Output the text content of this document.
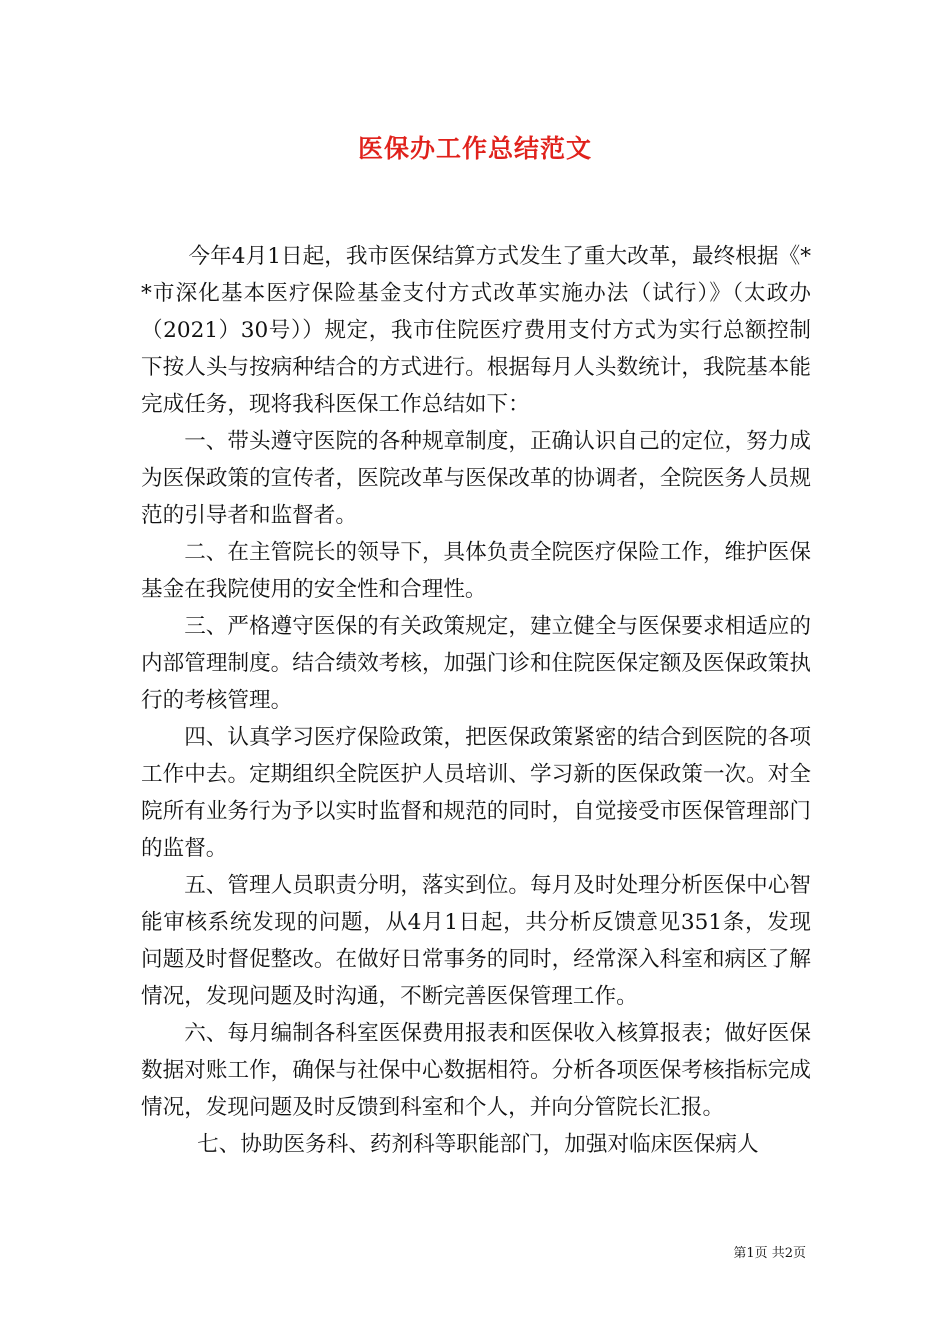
医保办工作总结范文

今年4月1日起，我市医保结算方式发生了重大改革，最终根据《**市深化基本医疗保险基金支付方式改革实施办法（试行）》（太政办（2021）30号））规定，我市住院医疗费用支付方式为实行总额控制下按人头与按病种结合的方式进行。根据每月人头数统计，我院基本能完成任务，现将我科医保工作总结如下：

一、带头遵守医院的各种规章制度，正确认识自己的定位，努力成为医保政策的宣传者，医院改革与医保改革的协调者，全院医务人员规范的引导者和监督者。

二、在主管院长的领导下，具体负责全院医疗保险工作，维护医保基金在我院使用的安全性和合理性。

三、严格遵守医保的有关政策规定，建立健全与医保要求相适应的内部管理制度。结合绩效考核，加强门诊和住院医保定额及医保政策执行的考核管理。

四、认真学习医疗保险政策，把医保政策紧密的结合到医院的各项工作中去。定期组织全院医护人员培训、学习新的医保政策一次。对全院所有业务行为予以实时监督和规范的同时，自觉接受市医保管理部门的监督。

五、管理人员职责分明，落实到位。每月及时处理分析医保中心智能审核系统发现的问题，从4月1日起，共分析反馈意见351条，发现问题及时督促整改。在做好日常事务的同时，经常深入科室和病区了解情况，发现问题及时沟通，不断完善医保管理工作。

六、每月编制各科室医保费用报表和医保收入核算报表；做好医保数据对账工作，确保与社保中心数据相符。分析各项医保考核指标完成情况，发现问题及时反馈到科室和个人，并向分管院长汇报。

七、协助医务科、药剂科等职能部门，加强对临床医保病人

第1页 共2页
